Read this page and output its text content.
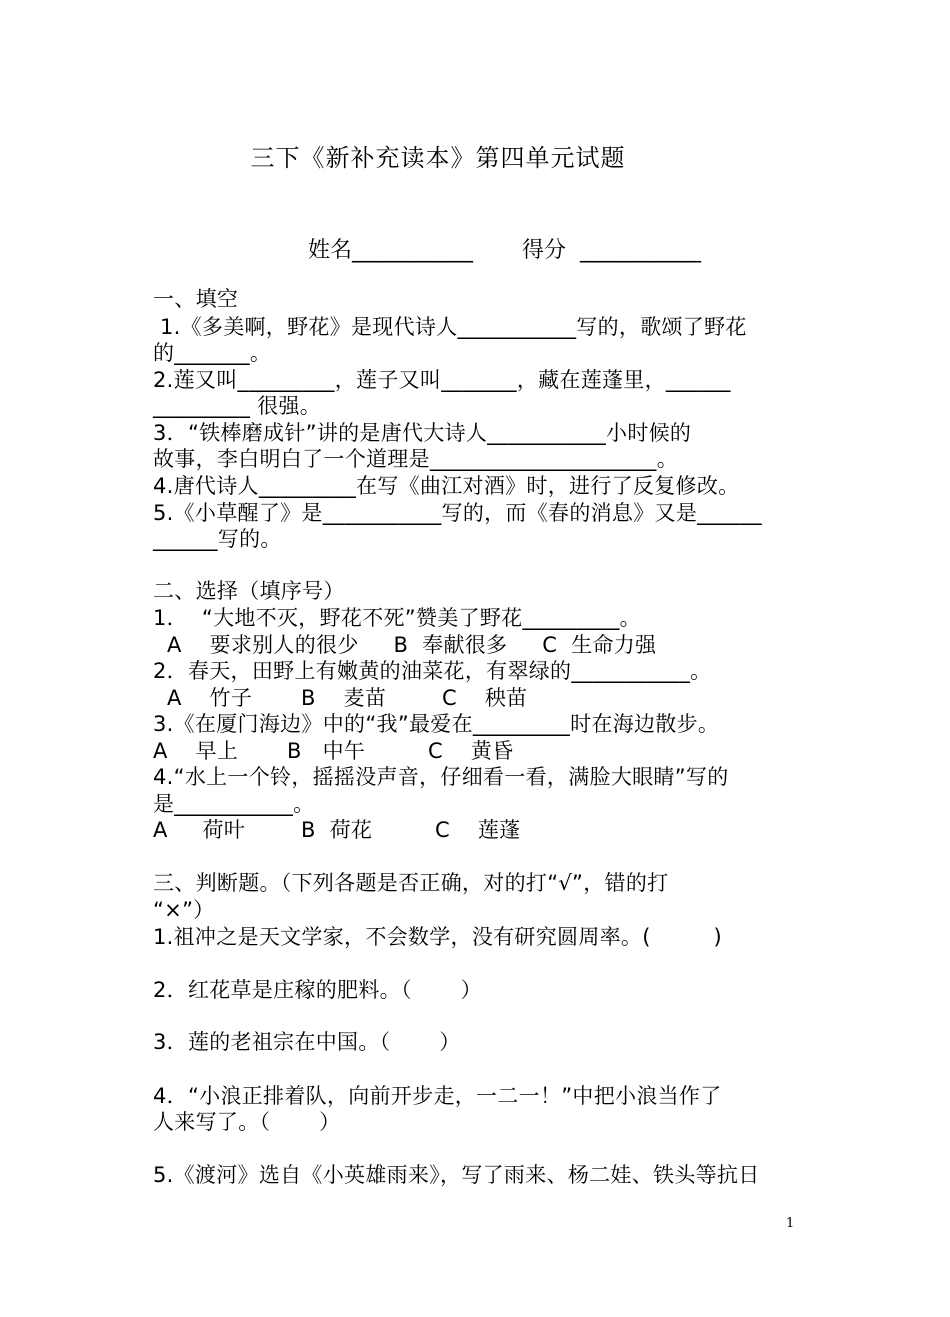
三下《新补充读本》第四单元试题
姓名___________ 得分  ___________
一、填空
1.《多美啊，野花》是现代诗人___________写的，歌颂了野花
的_______。
2.莲又叫_________，莲子又叫_______，藏在莲蓬里，______
_________ 很强。
3．“铁棒磨成针”讲的是唐代大诗人___________小时候的
故事，李白明白了一个道理是_____________________。
4.唐代诗人_________在写《曲江对酒》时，进行了反复修改。
5.《小草醒了》是___________写的，而《春的消息》又是______
______写的。
二、选择（填序号）
1．  “大地不灭，野花不死”赞美了野花_________。
A    要求别人的很少     B  奉献很多     C  生命力强
2．春天，田野上有嫩黄的油菜花，有翠绿的___________。
A    竹子       B    麦苗        C    秧苗
3.《在厦门海边》中的“我”最爱在_________时在海边散步。
A    早上       B   中午         C    黄昏
4.“水上一个铃，摇摇没声音，仔细看一看，满脸大眼睛”写的
是___________。
A     荷叶        B  荷花         C    莲蓬
三、判断题。（下列各题是否正确，对的打“√”，错的打
“×”）
1.祖冲之是天文学家，不会数学，没有研究圆周率。(         )
2．红花草是庄稼的肥料。（       ）
3．莲的老祖宗在中国。（       ）
4．“小浪正排着队，向前开步走，一二一！”中把小浪当作了
人来写了。（       ）
5.《渡河》选自《小英雄雨来》，写了雨来、杨二娃、铁头等抗日
1
